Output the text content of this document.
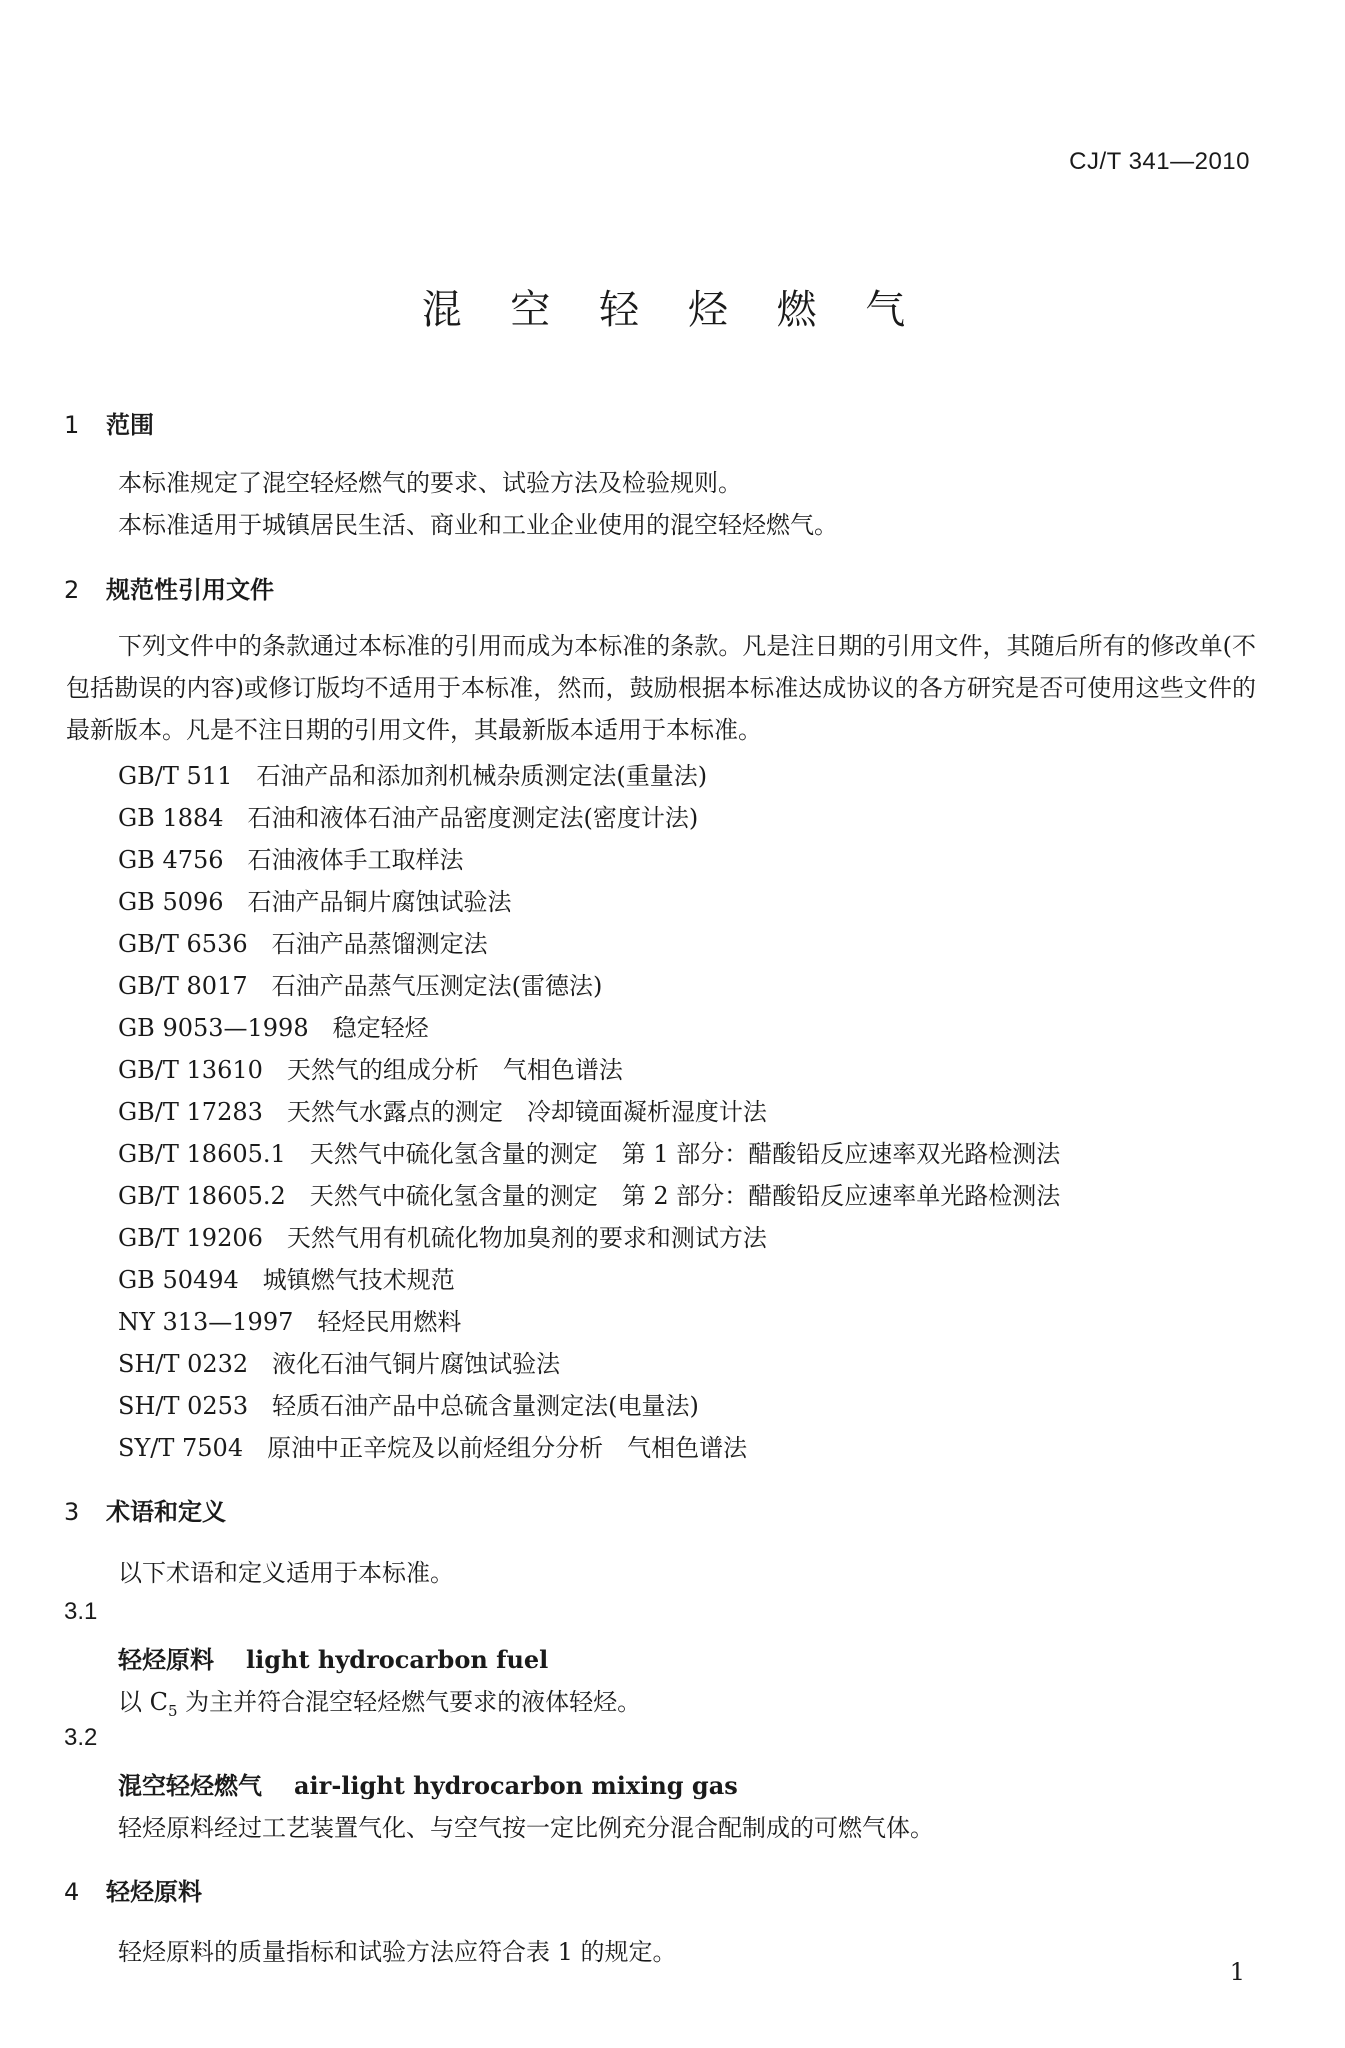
CJ/T 341—2010
混 空 轻 烃 燃 气
1 范围
本标准规定了混空轻烃燃气的要求、试验方法及检验规则。
本标准适用于城镇居民生活、商业和工业企业使用的混空轻烃燃气。
2 规范性引用文件
下列文件中的条款通过本标准的引用而成为本标准的条款。凡是注日期的引用文件，其随后所有的修改单(不包括勘误的内容)或修订版均不适用于本标准，然而，鼓励根据本标准达成协议的各方研究是否可使用这些文件的最新版本。凡是不注日期的引用文件，其最新版本适用于本标准。
GB/T 511 石油产品和添加剂机械杂质测定法(重量法)
GB 1884 石油和液体石油产品密度测定法(密度计法)
GB 4756 石油液体手工取样法
GB 5096 石油产品铜片腐蚀试验法
GB/T 6536 石油产品蒸馏测定法
GB/T 8017 石油产品蒸气压测定法(雷德法)
GB 9053—1998 稳定轻烃
GB/T 13610 天然气的组成分析　气相色谱法
GB/T 17283 天然气水露点的测定　冷却镜面凝析湿度计法
GB/T 18605.1 天然气中硫化氢含量的测定　第 1 部分：醋酸铅反应速率双光路检测法
GB/T 18605.2 天然气中硫化氢含量的测定　第 2 部分：醋酸铅反应速率单光路检测法
GB/T 19206 天然气用有机硫化物加臭剂的要求和测试方法
GB 50494 城镇燃气技术规范
NY 313—1997 轻烃民用燃料
SH/T 0232 液化石油气铜片腐蚀试验法
SH/T 0253 轻质石油产品中总硫含量测定法(电量法)
SY/T 7504 原油中正辛烷及以前烃组分分析　气相色谱法
3 术语和定义
以下术语和定义适用于本标准。
3.1
轻烃原料 light hydrocarbon fuel
以 $C_5$ 为主并符合混空轻烃燃气要求的液体轻烃。
3.2
混空轻烃燃气 air-light hydrocarbon mixing gas
轻烃原料经过工艺装置气化、与空气按一定比例充分混合配制成的可燃气体。
4 轻烃原料
轻烃原料的质量指标和试验方法应符合表 1 的规定。
1
